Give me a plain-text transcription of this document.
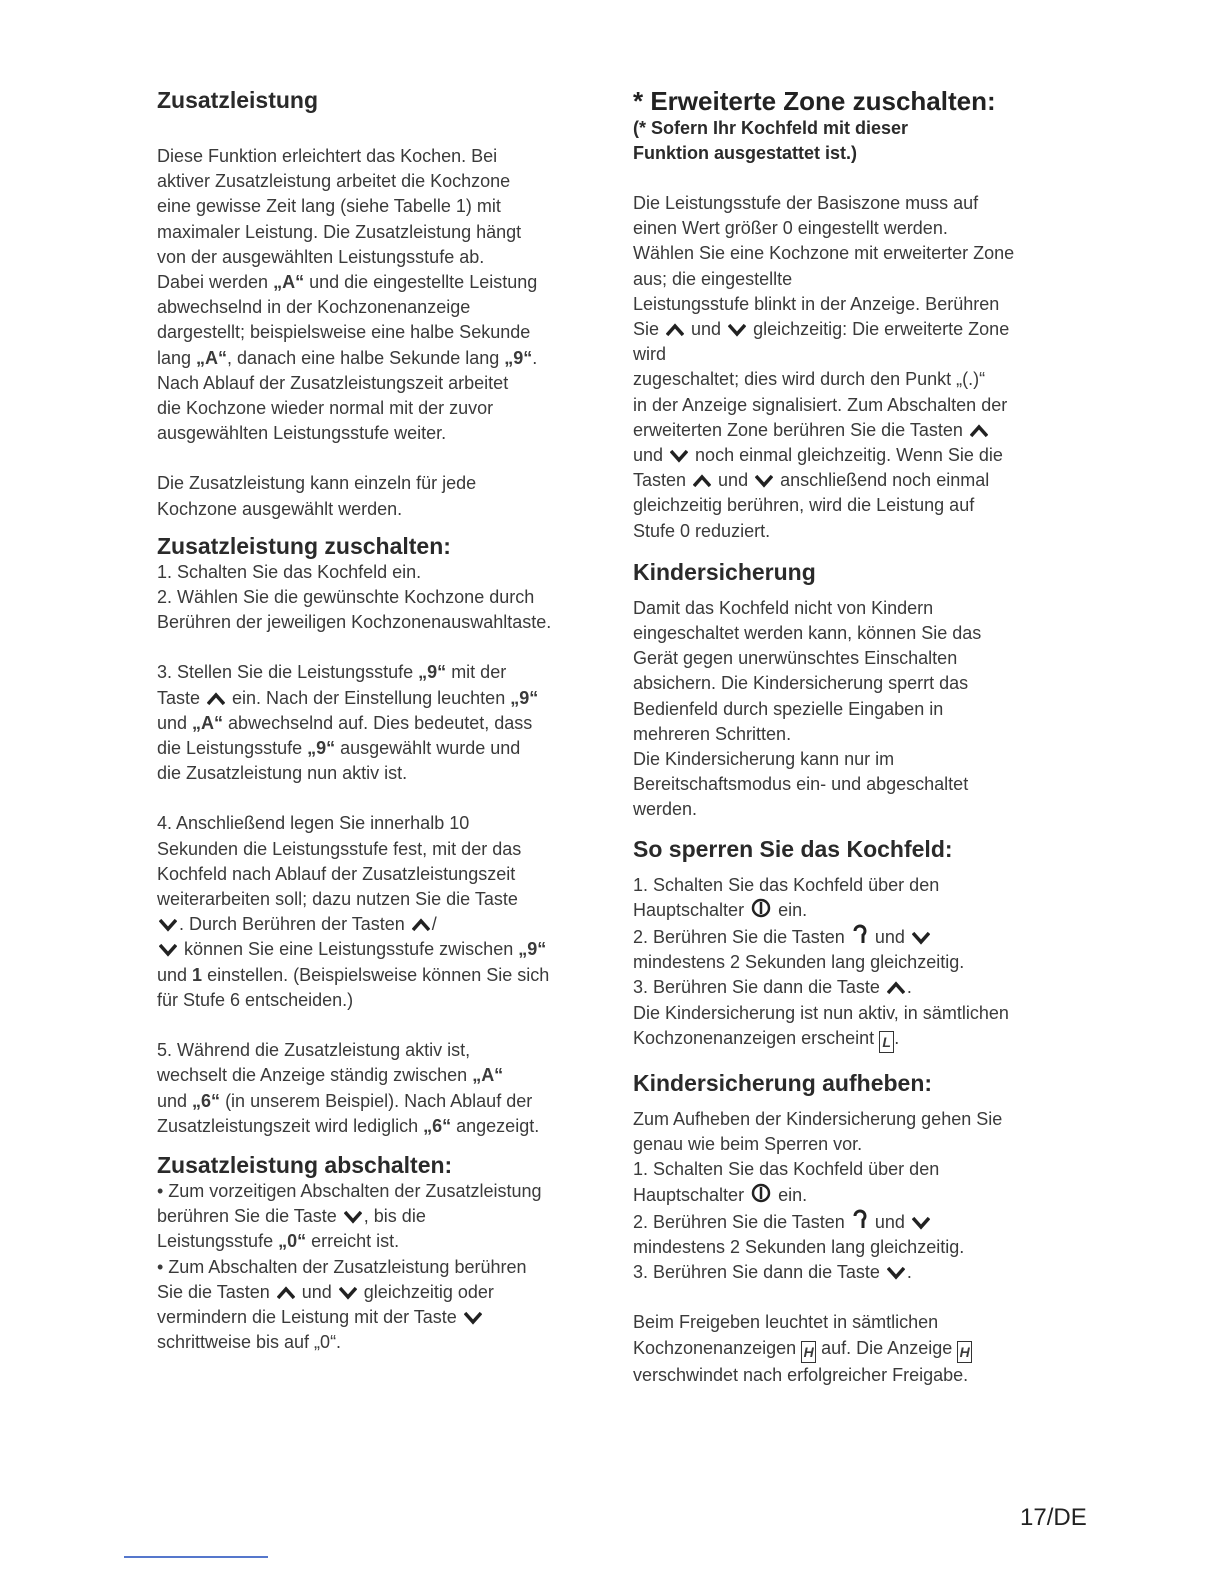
Zusatzleistung

Diese Funktion erleichtert das Kochen. Bei
aktiver Zusatzleistung arbeitet die Kochzone
eine gewisse Zeit lang (siehe Tabelle 1) mit
maximaler Leistung. Die Zusatzleistung hängt
von der ausgewählten Leistungsstufe ab.
Dabei werden „A“ und die eingestellte Leistung
abwechselnd in der Kochzonenanzeige
dargestellt; beispielsweise eine halbe Sekunde
lang „A“, danach eine halbe Sekunde lang „9“.
Nach Ablauf der Zusatzleistungszeit arbeitet
die Kochzone wieder normal mit der zuvor
ausgewählten Leistungsstufe weiter.

Die Zusatzleistung kann einzeln für jede
Kochzone ausgewählt werden.

Zusatzleistung zuschalten:

1. Schalten Sie das Kochfeld ein.

2. Wählen Sie die gewünschte Kochzone durch
Berühren der jeweiligen Kochzonenauswahltaste.

3. Stellen Sie die Leistungsstufe „9“ mit der
Taste  ein. Nach der Einstellung leuchten „9“
und „A“ abwechselnd auf. Dies bedeutet, dass
die Leistungsstufe „9“ ausgewählt wurde und
die Zusatzleistung nun aktiv ist.

4. Anschließend legen Sie innerhalb 10
Sekunden die Leistungsstufe fest, mit der das
Kochfeld nach Ablauf der Zusatzleistungszeit
weiterarbeiten soll; dazu nutzen Sie die Taste
. Durch Berühren der Tasten /
können Sie eine Leistungsstufe zwischen „9“
und 1 einstellen. (Beispielsweise können Sie sich
für Stufe 6 entscheiden.)

5. Während die Zusatzleistung aktiv ist,
wechselt die Anzeige ständig zwischen „A“
und „6“ (in unserem Beispiel). Nach Ablauf der
Zusatzleistungszeit wird lediglich „6“ angezeigt.

Zusatzleistung abschalten:

• Zum vorzeitigen Abschalten der Zusatzleistung
berühren Sie die Taste , bis die
Leistungsstufe „0“ erreicht ist.

• Zum Abschalten der Zusatzleistung berühren
Sie die Tasten  und  gleichzeitig oder
vermindern die Leistung mit der Taste
schrittweise bis auf „0“.

* Erweiterte Zone zuschalten:
(* Sofern Ihr Kochfeld mit dieser
Funktion ausgestattet ist.)

Die Leistungsstufe der Basiszone muss auf
einen Wert größer 0 eingestellt werden.
Wählen Sie eine Kochzone mit erweiterter Zone
aus; die eingestellte
Leistungsstufe blinkt in der Anzeige. Berühren
Sie  und  gleichzeitig: Die erweiterte Zone
wird
zugeschaltet; dies wird durch den Punkt „(.)“
in der Anzeige signalisiert. Zum Abschalten der
erweiterten Zone berühren Sie die Tasten
und  noch einmal gleichzeitig. Wenn Sie die
Tasten  und  anschließend noch einmal
gleichzeitig berühren, wird die Leistung auf
Stufe 0 reduziert.

Kindersicherung

Damit das Kochfeld nicht von Kindern
eingeschaltet werden kann, können Sie das
Gerät gegen unerwünschtes Einschalten
absichern. Die Kindersicherung sperrt das
Bedienfeld durch spezielle Eingaben in
mehreren Schritten.
Die Kindersicherung kann nur im
Bereitschaftsmodus ein- und abgeschaltet
werden.

So sperren Sie das Kochfeld:

1. Schalten Sie das Kochfeld über den
Hauptschalter  ein.
2. Berühren Sie die Tasten  und
mindestens 2 Sekunden lang gleichzeitig.
3. Berühren Sie dann die Taste .
Die Kindersicherung ist nun aktiv, in sämtlichen
Kochzonenanzeigen erscheint L .

Kindersicherung aufheben:

Zum Aufheben der Kindersicherung gehen Sie
genau wie beim Sperren vor.
1. Schalten Sie das Kochfeld über den
Hauptschalter  ein.
2. Berühren Sie die Tasten  und
mindestens 2 Sekunden lang gleichzeitig.
3. Berühren Sie dann die Taste .

Beim Freigeben leuchtet in sämtlichen
Kochzonenanzeigen H auf. Die Anzeige H
verschwindet nach erfolgreicher Freigabe.

17/DE
